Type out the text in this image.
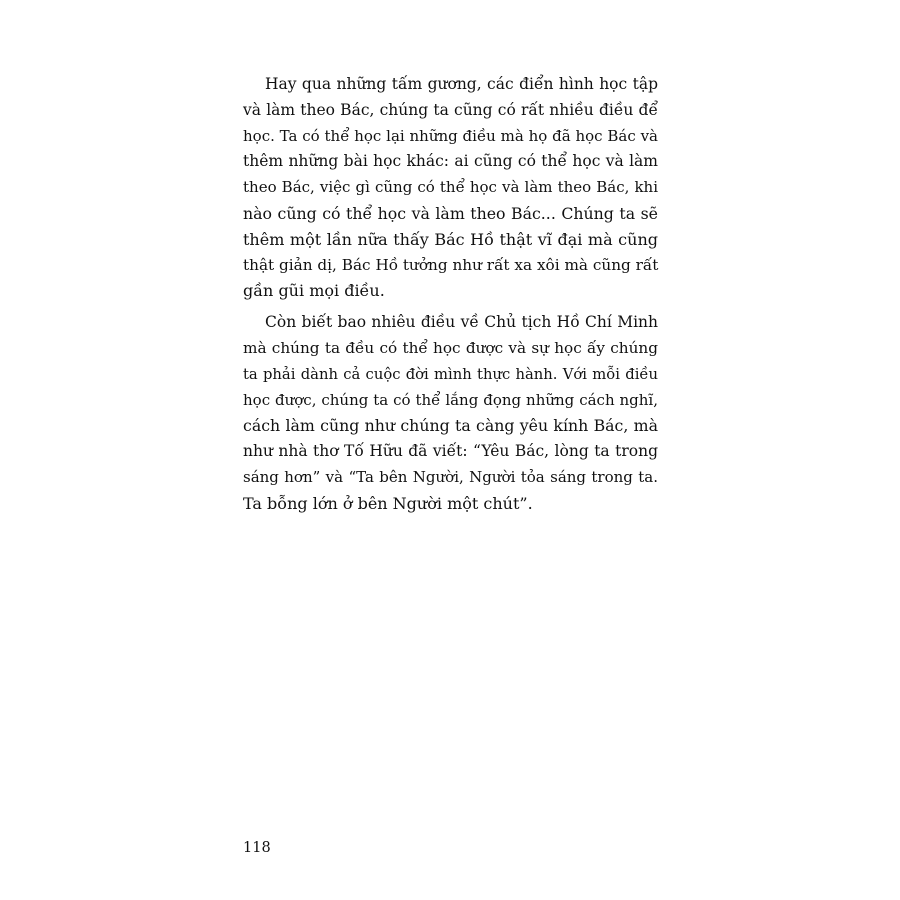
Hay qua những tấm gương, các điển hình học tập
và làm theo Bác, chúng ta cũng có rất nhiều điều để
học. Ta có thể học lại những điều mà họ đã học Bác và
thêm những bài học khác: ai cũng có thể học và làm
theo Bác, việc gì cũng có thể học và làm theo Bác, khi
nào cũng có thể học và làm theo Bác... Chúng ta sẽ
thêm một lần nữa thấy Bác Hồ thật vĩ đại mà cũng
thật giản dị, Bác Hồ tưởng như rất xa xôi mà cũng rất
gần gũi mọi điều.
Còn biết bao nhiêu điều về Chủ tịch Hồ Chí Minh
mà chúng ta đều có thể học được và sự học ấy chúng
ta phải dành cả cuộc đời mình thực hành. Với mỗi điều
học được, chúng ta có thể lắng đọng những cách nghĩ,
cách làm cũng như chúng ta càng yêu kính Bác, mà
như nhà thơ Tố Hữu đã viết: “Yêu Bác, lòng ta trong
sáng hơn” và “Ta bên Người, Người tỏa sáng trong ta.
Ta bỗng lớn ở bên Người một chút”.
118
